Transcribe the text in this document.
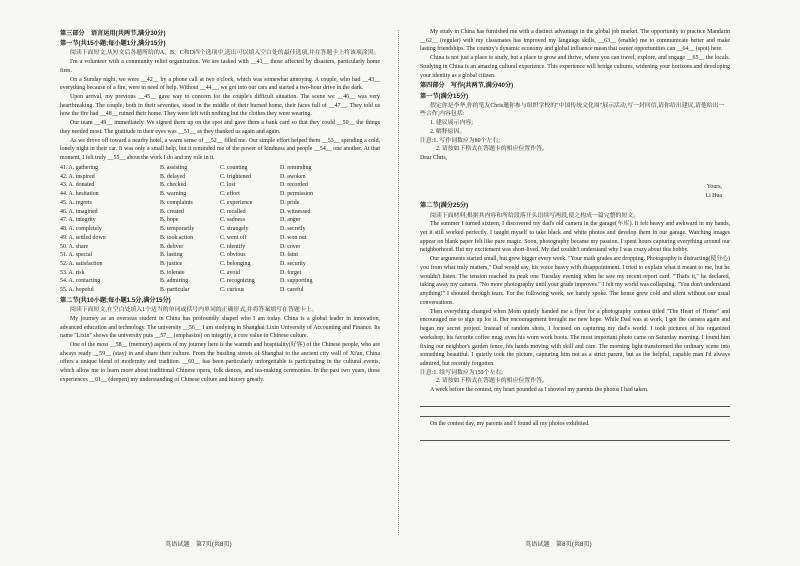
第三部分　语言运用(共两节,满分30分)
第一节(共15小题;每小题1分,满分15分)

阅读下面短文,从短文后各题所给的A、B、C和D四个选项中,选出可以填入空白处的最佳选项,并在答题卡上将该项涂黑。

I'm a volunteer with a community relief organization. We are tasked with __41__ those affected by disasters, particularly home fires.

On a Sunday night, we were __42__ by a phone call at two o'clock, which was somewhat annoying. A couple, who had __43__ everything because of a fire, were in need of help. Without __44__, we got into our cars and started a two-hour drive in the dark.

Upon arrival, my previous __45__ gave way to concern for the couple's difficult situation. The scene we __46__ was very heartbreaking. The couple, both in their seventies, stood in the middle of their burned home, their faces full of __47__. They told us how the fire had __48__ ruined their home. They were left with nothing but the clothes they were wearing.

Our team __49__ immediately. We signed them up on the spot and gave them a bank card so that they could __50__ the things they needed most. The gratitude in their eyes was __51__ as they thanked us again and again.

As we drove off toward a nearby hotel, a warm sense of __52__ filled me. Our simple effort helped them __53__ spending a cold, lonely night in their car. It was only a small help, but it reminded me of the power of kindness and people __54__ one another. At that moment, I felt truly __55__ about the work I do and my role in it.

41. A. gathering	B. assisting	C. counting	D. reminding
42. A. inspired	B. delayed	C. frightened	D. awoken
43. A. donated	B. checked	C. lost	D. recorded
44. A. hesitation	B. warning	C. effort	D. permission
45. A. regrets	B. complaints	C. experience	D. pride
46. A. imagined	B. created	C. recalled	D. witnessed
47. A. integrity	B. hope	C. sadness	D. anger
48. A. completely	B. temporarily	C. strangely	D. secretly
49. A. settled down	B. took action	C. went off	D. won out
50. A. share	B. deliver	C. identify	D. cover
51. A. special	B. lasting	C. obvious	D. faint
52. A. satisfaction	B. justice	C. belonging	D. security
53. A. risk	B. tolerate	C. avoid	D. forget
54. A. contacting	B. admiring	C. recognizing	D. supporting
55. A. hopeful	B. particular	C. curious	D. careful
第二节(共10小题;每小题1.5分,满分15分)

阅读下面短文,在空白处填入1个适当的单词或括号内单词的正确形式,并将答案填写在答题卡上。

My journey as an overseas student in China has profoundly shaped who I am today. China is a global leader in innovation, advanced education and technology. The university __56__ I am studying in Shanghai Lixin University of Accounting and Finance. Its name "Lixin" shows the university puts __57__ (emphasize) on integrity, a core value in Chinese culture.

One of the most __58__ (memory) aspects of my journey here is the warmth and hospitality(好客) of the Chinese people, who are always ready __59__ (stay) in and share their culture. From the bustling streets of Shanghai to the ancient city wall of Xi'an, China offers a unique blend of modernity and tradition. __60__ has been particularly unforgettable is participating in the cultural events, which allow me to learn more about traditional Chinese opera, folk dances, and tea-making ceremonies. In the past two years, these experiences __61__ (deepen) my understanding of Chinese culture and history greatly.

My study in China has furnished me with a distinct advantage in the global job market. The opportunity to practice Mandarin __62__ (regular) with my classmates has improved my language skills, __63__ (enable) me to communicate better and make lasting friendships. The country's dynamic economy and global influence mean that career opportunities can __64__ (spot) here.

China is not just a place to study, but a place to grow and thrive, where you can travel, explore, and engage __65__ the locals. Studying in China is an amazing cultural experience. This experience will bridge cultures, widening your horizons and developing your identity as a global citizen.

第四部分　写作(共两节,满分40分)
第一节(满分15分)

假定你是李华,你的笔友Chris邀你参与组织学校的"中国传统文化周"展示活动,写一封回信,请你给出建议,请他给出一些合作,内容包括:

1. 建议展示内容;

2. 解释原因。

注意:1. 写作词数应为80个左右;

2. 请按如下格式在答题卡的相应位置作答。

Dear Chris,

Yours,

Li Hua

第二节(满分25分)

阅读下面材料,根据其内容和所给段落开头语续写两段,使之构成一篇完整的短文。

The summer I turned sixteen, I discovered my dad's old camera in the garage(车库). It felt heavy and awkward in my hands, yet it still worked perfectly. I taught myself to take black and white photos and develop them in our garage. Watching images appear on blank paper felt like pure magic. Soon, photography became my passion. I spent hours capturing everything around our neighborhood. But my excitement was short-lived. My dad couldn't understand why I was crazy about this hobby.

Our arguments started small, but grew bigger every week. "Your math grades are dropping. Photography is distracting(使分心) you from what truly matters," Dad would say, his voice heavy with disappointment. I tried to explain what it meant to me, but he wouldn't listen. The tension reached its peak one Tuesday evening when he saw my recent report card. "That's it," he declared, taking away my camera. "No more photography until your grade improves." I felt my world was collapsing. "You don't understand anything!" I shouted through tears. For the following week, we barely spoke. The house grew cold and silent without our usual conversations.

Then everything changed when Mom quietly handed me a flyer for a photography contest titled "The Heart of Home" and encouraged me to sign up for it. Her encouragement brought me new hope. While Dad was at work, I got the camera again and began my secret project. Instead of random shots, I focused on capturing my dad's world. I took pictures of his organized workshop, his favorite coffee mug, even his worn work boots. The most important photo came on Saturday morning. I found him fixing our neighbor's garden fence, his hands moving with skill and care. The morning light transformed the ordinary scene into something beautiful. I quietly took the picture, capturing him not as a strict parent, but as the helpful, capable man I'd always admired, but recently forgotten.

注意:1. 续写词数应为150个左右;

2. 请按如下格式在答题卡的相应位置作答。

A week before the contest, my heart pounded as I showed my parents the photos I had taken.

On the contest day, my parents and I found all my photos exhibited.

英语试题　第7页(共8页)	英语试题　第8页(共8页)
